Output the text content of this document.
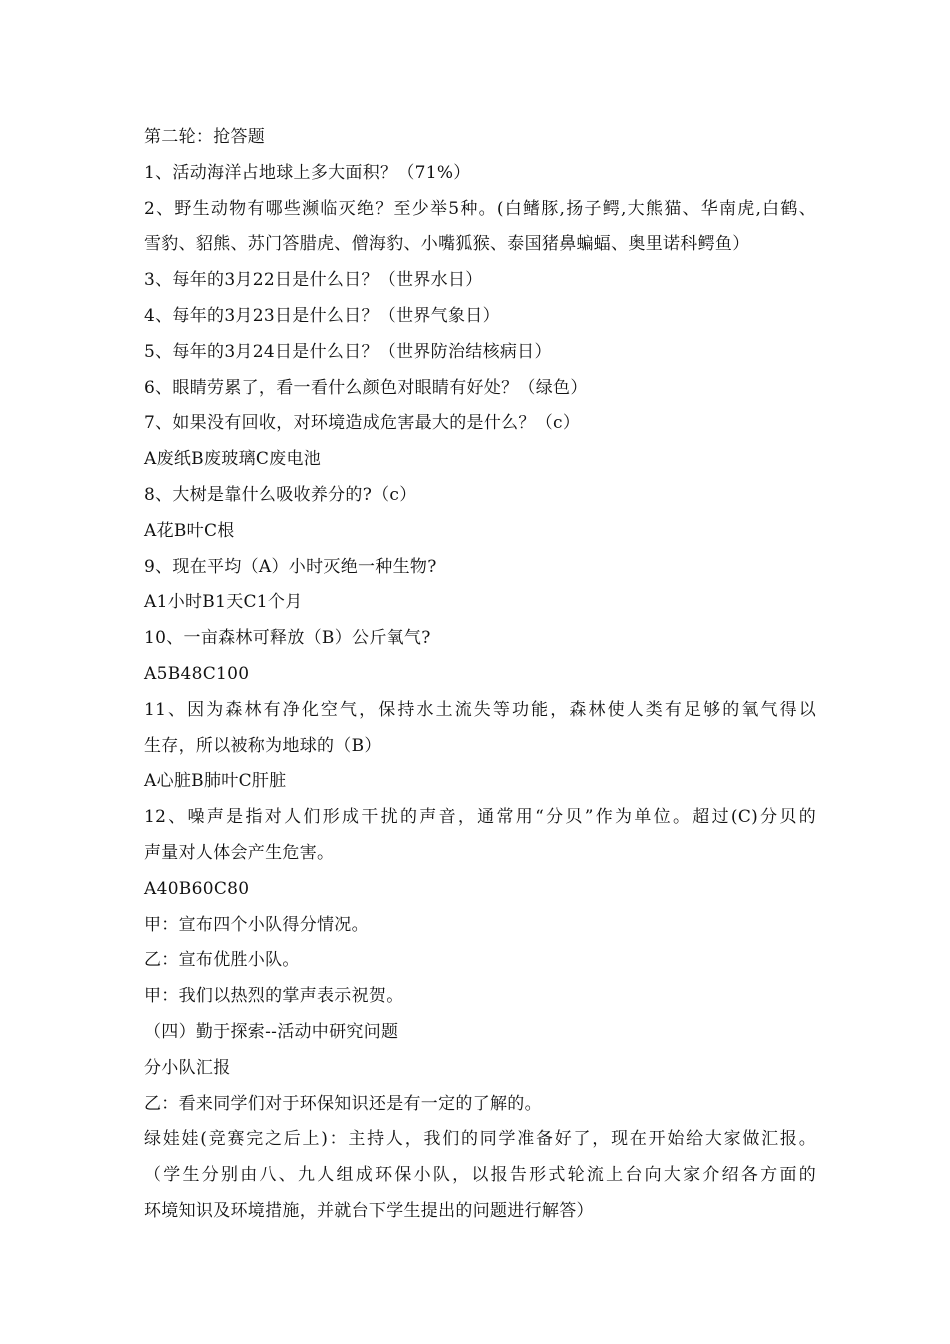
第二轮：抢答题
1、活动海洋占地球上多大面积？（71%）
2、野生动物有哪些濒临灭绝？至少举5种。(白鳍豚,扬子鳄,大熊猫、华南虎,白鹤、
雪豹、貂熊、苏门答腊虎、僧海豹、小嘴狐猴、泰国猪鼻蝙蝠、奥里诺科鳄鱼）
3、每年的3月22日是什么日？（世界水日）
4、每年的3月23日是什么日？（世界气象日）
5、每年的3月24日是什么日？（世界防治结核病日）
6、眼睛劳累了，看一看什么颜色对眼睛有好处？（绿色）
7、如果没有回收，对环境造成危害最大的是什么？（c）
A废纸B废玻璃C废电池
8、大树是靠什么吸收养分的?（c）
A花B叶C根
9、现在平均（A）小时灭绝一种生物?
A1小时B1天C1个月
10、一亩森林可释放（B）公斤氧气?
A5B48C100
11、因为森林有净化空气，保持水土流失等功能，森林使人类有足够的氧气得以
生存，所以被称为地球的（B）
A心脏B肺叶C肝脏
12、噪声是指对人们形成干扰的声音，通常用“分贝”作为单位。超过(C)分贝的
声量对人体会产生危害。
A40B60C80
甲：宣布四个小队得分情况。
乙：宣布优胜小队。
甲：我们以热烈的掌声表示祝贺。
（四）勤于探索--活动中研究问题
分小队汇报
乙：看来同学们对于环保知识还是有一定的了解的。
绿娃娃(竞赛完之后上)：主持人，我们的同学准备好了，现在开始给大家做汇报。
（学生分别由八、九人组成环保小队，以报告形式轮流上台向大家介绍各方面的
环境知识及环境措施，并就台下学生提出的问题进行解答）
